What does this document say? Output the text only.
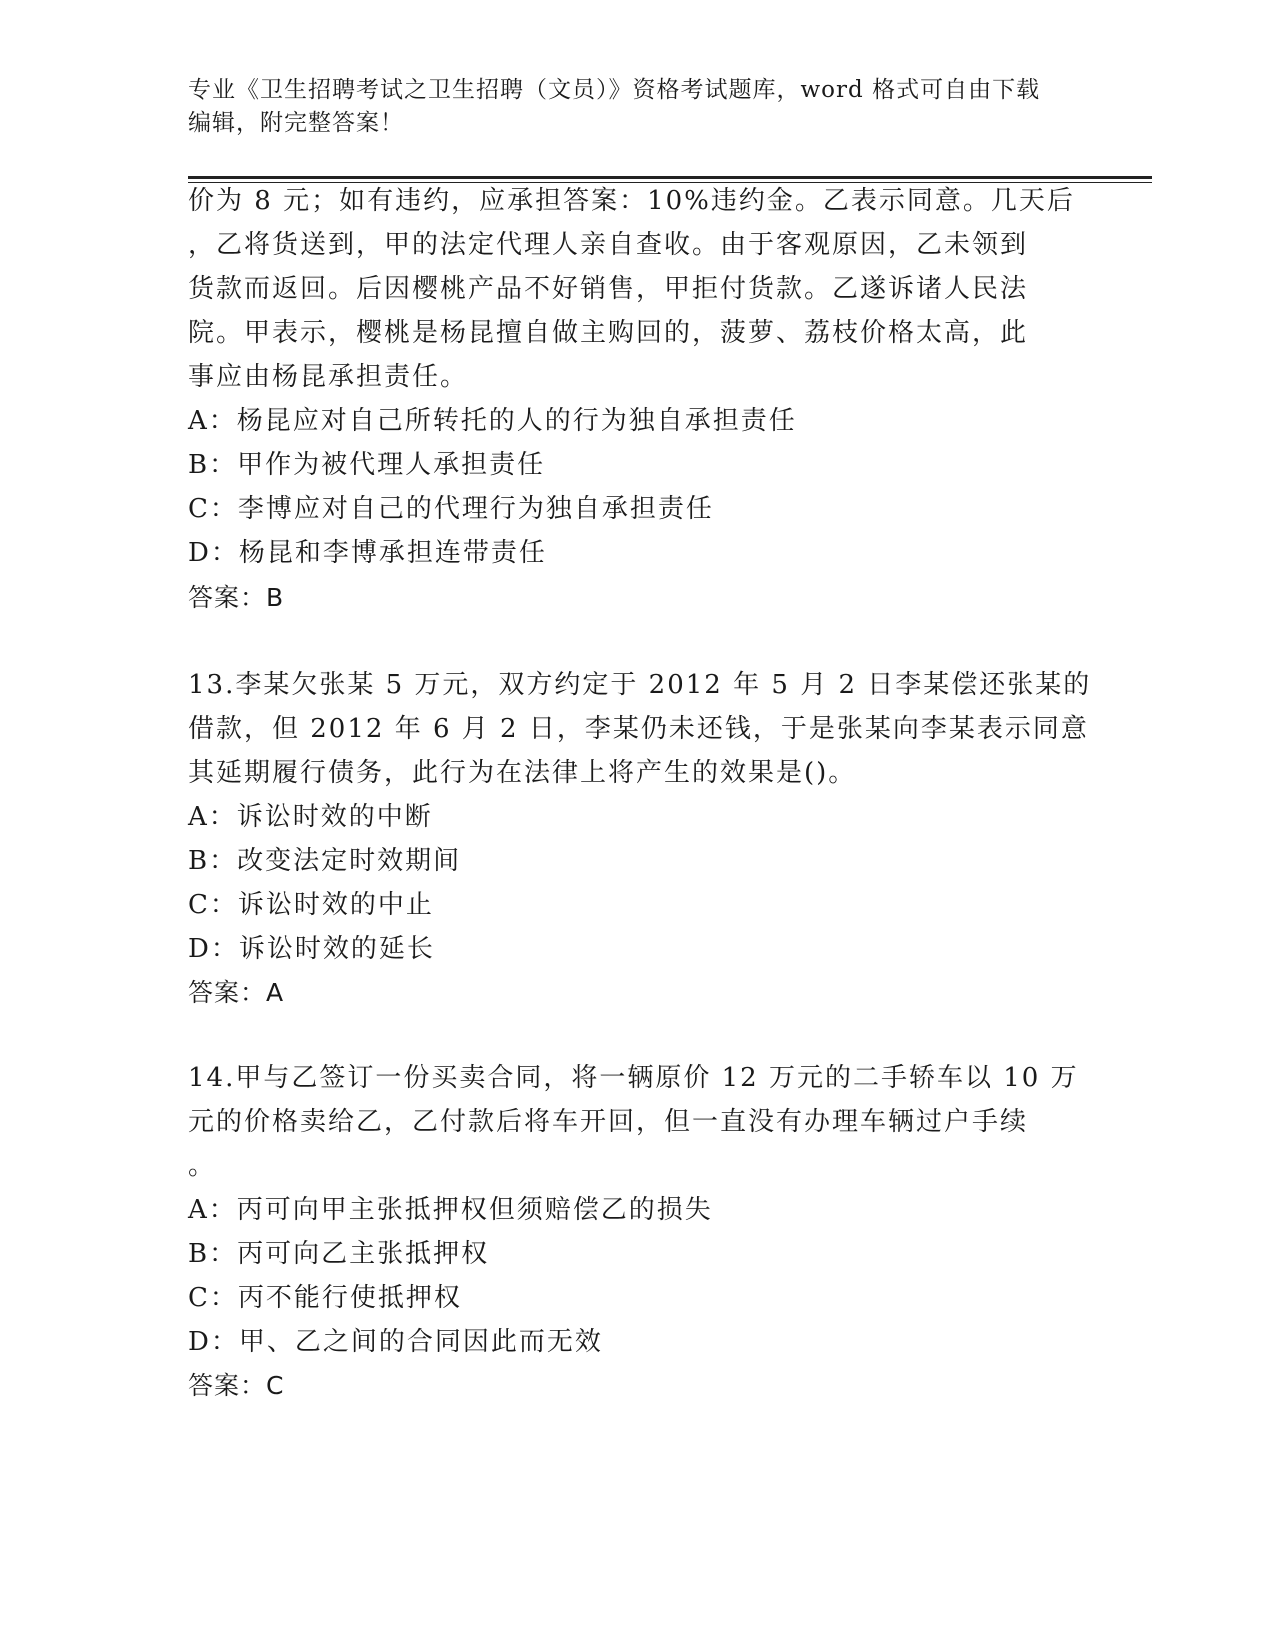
专业《卫生招聘考试之卫生招聘（文员）》资格考试题库，word 格式可自由下载
编辑，附完整答案！
价为 8 元；如有违约，应承担答案：10%违约金。乙表示同意。几天后
，乙将货送到，甲的法定代理人亲自查收。由于客观原因，乙未领到
货款而返回。后因樱桃产品不好销售，甲拒付货款。乙遂诉诸人民法
院。甲表示，樱桃是杨昆擅自做主购回的，菠萝、荔枝价格太高，此
事应由杨昆承担责任。
A：杨昆应对自己所转托的人的行为独自承担责任
B：甲作为被代理人承担责任
C：李博应对自己的代理行为独自承担责任
D：杨昆和李博承担连带责任
答案：B
13.李某欠张某 5 万元，双方约定于 2012 年 5 月 2 日李某偿还张某的
借款，但 2012 年 6 月 2 日，李某仍未还钱，于是张某向李某表示同意
其延期履行债务，此行为在法律上将产生的效果是()。
A：诉讼时效的中断
B：改变法定时效期间
C：诉讼时效的中止
D：诉讼时效的延长
答案：A
14.甲与乙签订一份买卖合同，将一辆原价 12 万元的二手轿车以 10 万
元的价格卖给乙，乙付款后将车开回，但一直没有办理车辆过户手续
。
A：丙可向甲主张抵押权但须赔偿乙的损失
B：丙可向乙主张抵押权
C：丙不能行使抵押权
D：甲、乙之间的合同因此而无效
答案：C
